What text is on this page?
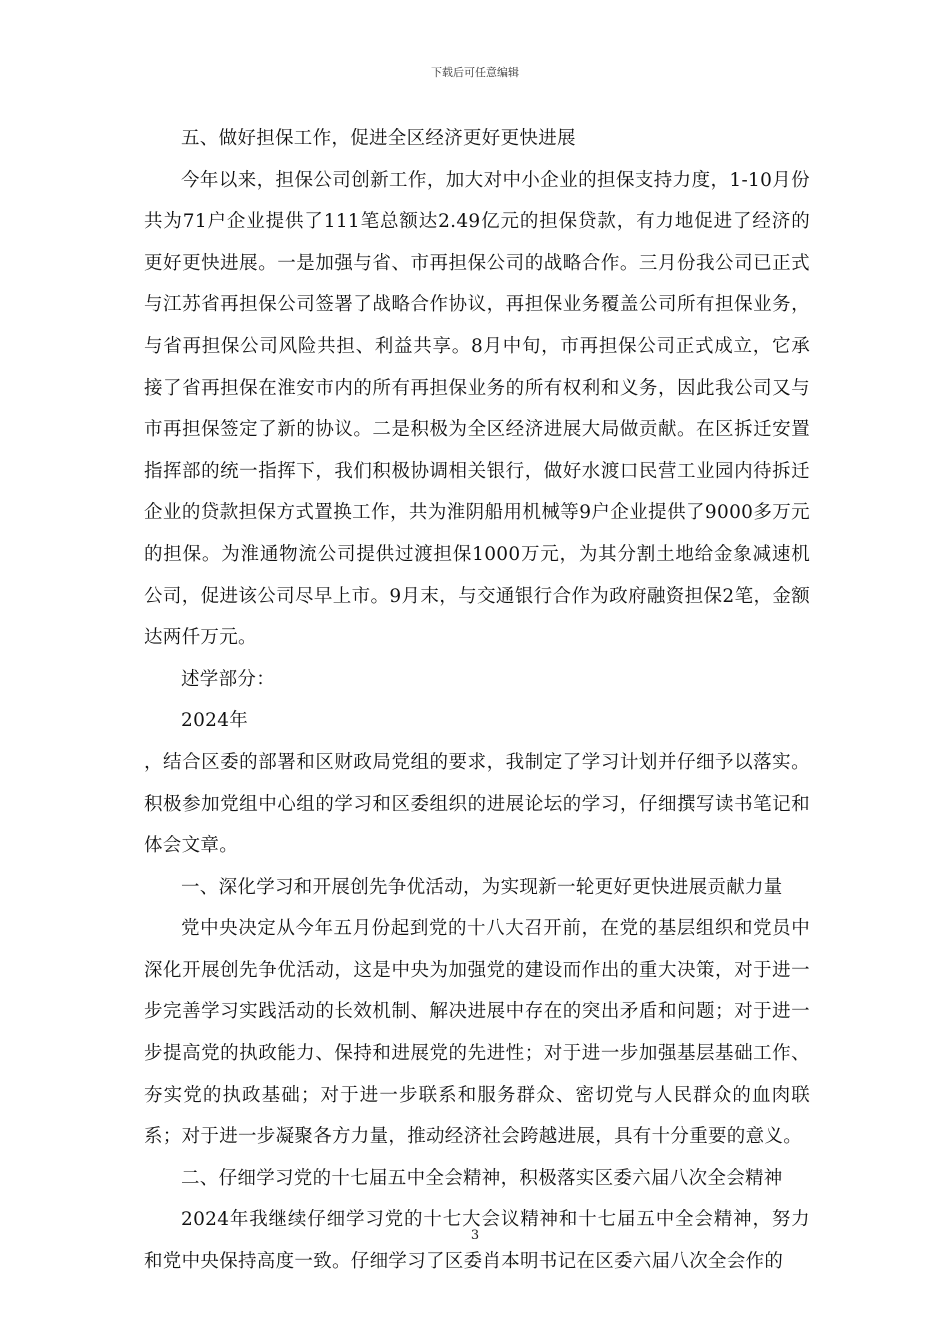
下载后可任意编辑

五、做好担保工作，促进全区经济更好更快进展

今年以来，担保公司创新工作，加大对中小企业的担保支持力度，1-10月份共为71户企业提供了111笔总额达2.49亿元的担保贷款，有力地促进了经济的更好更快进展。一是加强与省、市再担保公司的战略合作。三月份我公司已正式与江苏省再担保公司签署了战略合作协议，再担保业务覆盖公司所有担保业务，与省再担保公司风险共担、利益共享。8月中旬，市再担保公司正式成立，它承接了省再担保在淮安市内的所有再担保业务的所有权利和义务，因此我公司又与市再担保签定了新的协议。二是积极为全区经济进展大局做贡献。在区拆迁安置指挥部的统一指挥下，我们积极协调相关银行，做好水渡口民营工业园内待拆迁企业的贷款担保方式置换工作，共为淮阴船用机械等9户企业提供了9000多万元的担保。为淮通物流公司提供过渡担保1000万元，为其分割土地给金象减速机公司，促进该公司尽早上市。9月末，与交通银行合作为政府融资担保2笔，金额达两仟万元。

述学部分：

2024年

，结合区委的部署和区财政局党组的要求，我制定了学习计划并仔细予以落实。积极参加党组中心组的学习和区委组织的进展论坛的学习，仔细撰写读书笔记和体会文章。

一、深化学习和开展创先争优活动，为实现新一轮更好更快进展贡献力量

党中央决定从今年五月份起到党的十八大召开前，在党的基层组织和党员中深化开展创先争优活动，这是中央为加强党的建设而作出的重大决策，对于进一步完善学习实践活动的长效机制、解决进展中存在的突出矛盾和问题；对于进一步提高党的执政能力、保持和进展党的先进性；对于进一步加强基层基础工作、夯实党的执政基础；对于进一步联系和服务群众、密切党与人民群众的血肉联系；对于进一步凝聚各方力量，推动经济社会跨越进展，具有十分重要的意义。

二、仔细学习党的十七届五中全会精神，积极落实区委六届八次全会精神

2024年我继续仔细学习党的十七大会议精神和十七届五中全会精神，努力和党中央保持高度一致。仔细学习了区委肖本明书记在区委六届八次全会作的

3
